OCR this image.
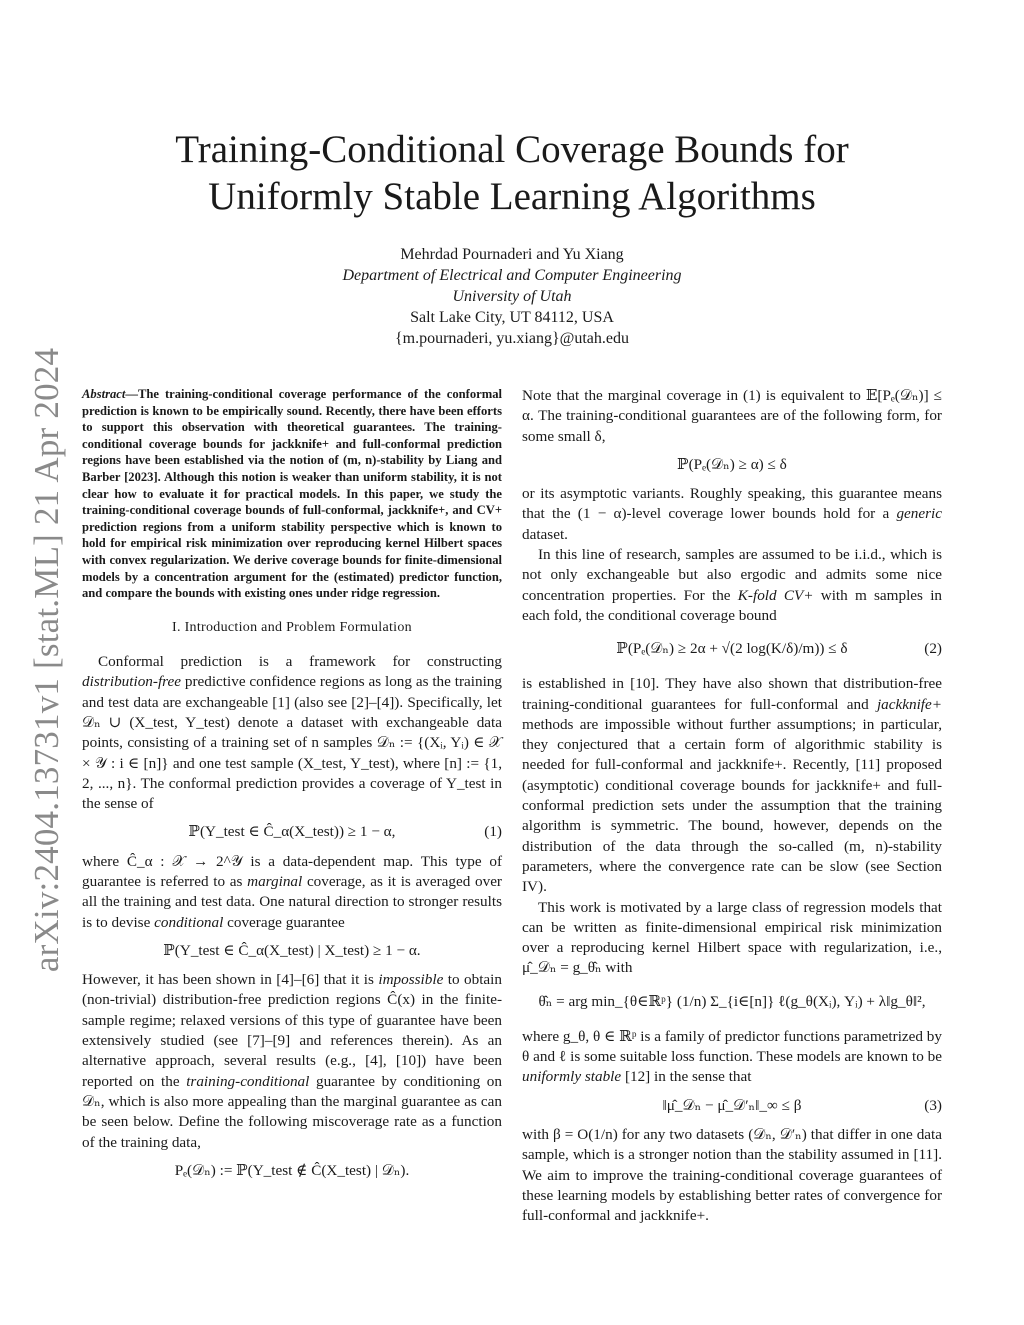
arXiv:2404.13731v1 [stat.ML] 21 Apr 2024
Training-Conditional Coverage Bounds for
Uniformly Stable Learning Algorithms
Mehrdad Pournaderi and Yu Xiang
Department of Electrical and Computer Engineering
University of Utah
Salt Lake City, UT 84112, USA
{m.pournaderi, yu.xiang}@utah.edu

Abstract—The training-conditional coverage performance of the conformal prediction is known to be empirically sound. Recently, there have been efforts to support this observation with theoretical guarantees. The training-conditional coverage bounds for jackknife+ and full-conformal prediction regions have been established via the notion of (m, n)-stability by Liang and Barber [2023]. Although this notion is weaker than uniform stability, it is not clear how to evaluate it for practical models. In this paper, we study the training-conditional coverage bounds of full-conformal, jackknife+, and CV+ prediction regions from a uniform stability perspective which is known to hold for empirical risk minimization over reproducing kernel Hilbert spaces with convex regularization. We derive coverage bounds for finite-dimensional models by a concentration argument for the (estimated) predictor function, and compare the bounds with existing ones under ridge regression.

I. Introduction and Problem Formulation

Conformal prediction is a framework for constructing distribution-free predictive confidence regions as long as the training and test data are exchangeable [1] (also see [2]–[4]). Specifically, let 𝒟ₙ ∪ (X_test, Y_test) denote a dataset with exchangeable data points, consisting of a training set of n samples 𝒟ₙ := {(Xᵢ, Yᵢ) ∈ 𝒳 × 𝒴 : i ∈ [n]} and one test sample (X_test, Y_test), where [n] := {1, 2, ..., n}. The conformal prediction provides a coverage of Y_test in the sense of

ℙ(Y_test ∈ Ĉ_α(X_test)) ≥ 1 − α,	(1)

where Ĉ_α : 𝒳 → 2^𝒴 is a data-dependent map. This type of guarantee is referred to as marginal coverage, as it is averaged over all the training and test data. One natural direction to stronger results is to devise conditional coverage guarantee

ℙ(Y_test ∈ Ĉ_α(X_test) | X_test) ≥ 1 − α.

However, it has been shown in [4]–[6] that it is impossible to obtain (non-trivial) distribution-free prediction regions Ĉ(x) in the finite-sample regime; relaxed versions of this type of guarantee have been extensively studied (see [7]–[9] and references therein). As an alternative approach, several results (e.g., [4], [10]) have been reported on the training-conditional guarantee by conditioning on 𝒟ₙ, which is also more appealing than the marginal guarantee as can be seen below. Define the following miscoverage rate as a function of the training data,

Pₑ(𝒟ₙ) := ℙ(Y_test ∉ Ĉ(X_test) | 𝒟ₙ).

Note that the marginal coverage in (1) is equivalent to 𝔼[Pₑ(𝒟ₙ)] ≤ α. The training-conditional guarantees are of the following form, for some small δ,

ℙ(Pₑ(𝒟ₙ) ≥ α) ≤ δ

or its asymptotic variants. Roughly speaking, this guarantee means that the (1 − α)-level coverage lower bounds hold for a generic dataset.

In this line of research, samples are assumed to be i.i.d., which is not only exchangeable but also ergodic and admits some nice concentration properties. For the K-fold CV+ with m samples in each fold, the conditional coverage bound

ℙ(Pₑ(𝒟ₙ) ≥ 2α + √(2 log(K/δ)/m)) ≤ δ	(2)

is established in [10]. They have also shown that distribution-free training-conditional guarantees for full-conformal and jackknife+ methods are impossible without further assumptions; in particular, they conjectured that a certain form of algorithmic stability is needed for full-conformal and jackknife+. Recently, [11] proposed (asymptotic) conditional coverage bounds for jackknife+ and full-conformal prediction sets under the assumption that the training algorithm is symmetric. The bound, however, depends on the distribution of the data through the so-called (m, n)-stability parameters, where the convergence rate can be slow (see Section IV).

This work is motivated by a large class of regression models that can be written as finite-dimensional empirical risk minimization over a reproducing kernel Hilbert space with regularization, i.e., μ̂_𝒟ₙ = g_θ̂ₙ with

θ̂ₙ = arg min_{θ∈ℝᵖ} (1/n) Σ_{i∈[n]} ℓ(g_θ(Xᵢ), Yᵢ) + λ‖g_θ‖²,

where g_θ, θ ∈ ℝᵖ is a family of predictor functions parametrized by θ and ℓ is some suitable loss function. These models are known to be uniformly stable [12] in the sense that

‖μ̂_𝒟ₙ − μ̂_𝒟′ₙ‖_∞ ≤ β	(3)

with β = O(1/n) for any two datasets (𝒟ₙ, 𝒟′ₙ) that differ in one data sample, which is a stronger notion than the stability assumed in [11]. We aim to improve the training-conditional coverage guarantees of these learning models by establishing better rates of convergence for full-conformal and jackknife+.
